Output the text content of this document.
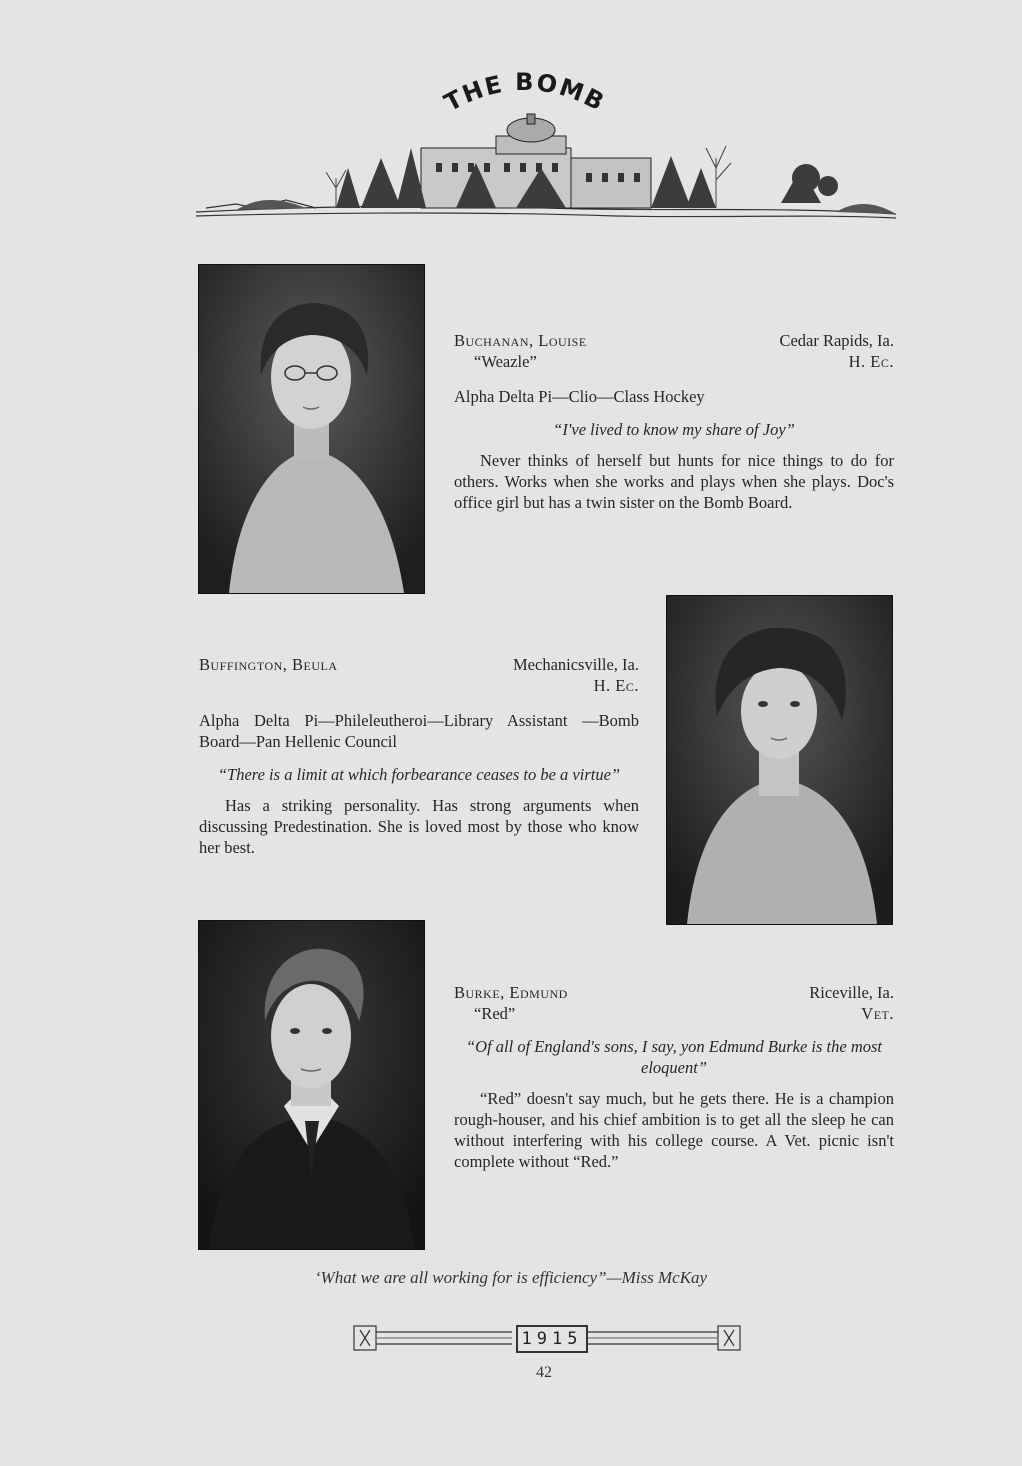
THE BOMB
Buchanan, Louise	Cedar Rapids, Ia.
“Weazle”	H. Ec.
Alpha Delta Pi—Clio—Class Hockey
“I've lived to know my share of Joy”
Never thinks of herself but hunts for nice things to do for others. Works when she works and plays when she plays. Doc's office girl but has a twin sister on the Bomb Board.
Buffington, Beula	Mechanicsville, Ia.
H. Ec.
Alpha Delta Pi—Phileleutheroi—Library Assistant —Bomb Board—Pan Hellenic Council
“There is a limit at which forbearance ceases to be a virtue”
Has a striking personality. Has strong arguments when discussing Predestination. She is loved most by those who know her best.
Burke, Edmund	Riceville, Ia.
“Red”	Vet.
“Of all of England's sons, I say, yon Edmund Burke is the most eloquent”
“Red” doesn't say much, but he gets there. He is a champion rough-houser, and his chief ambition is to get all the sleep he can without interfering with his college course. A Vet. picnic isn't complete without “Red.”
‘What we are all working for is efficiency”—Miss McKay
1915
42
